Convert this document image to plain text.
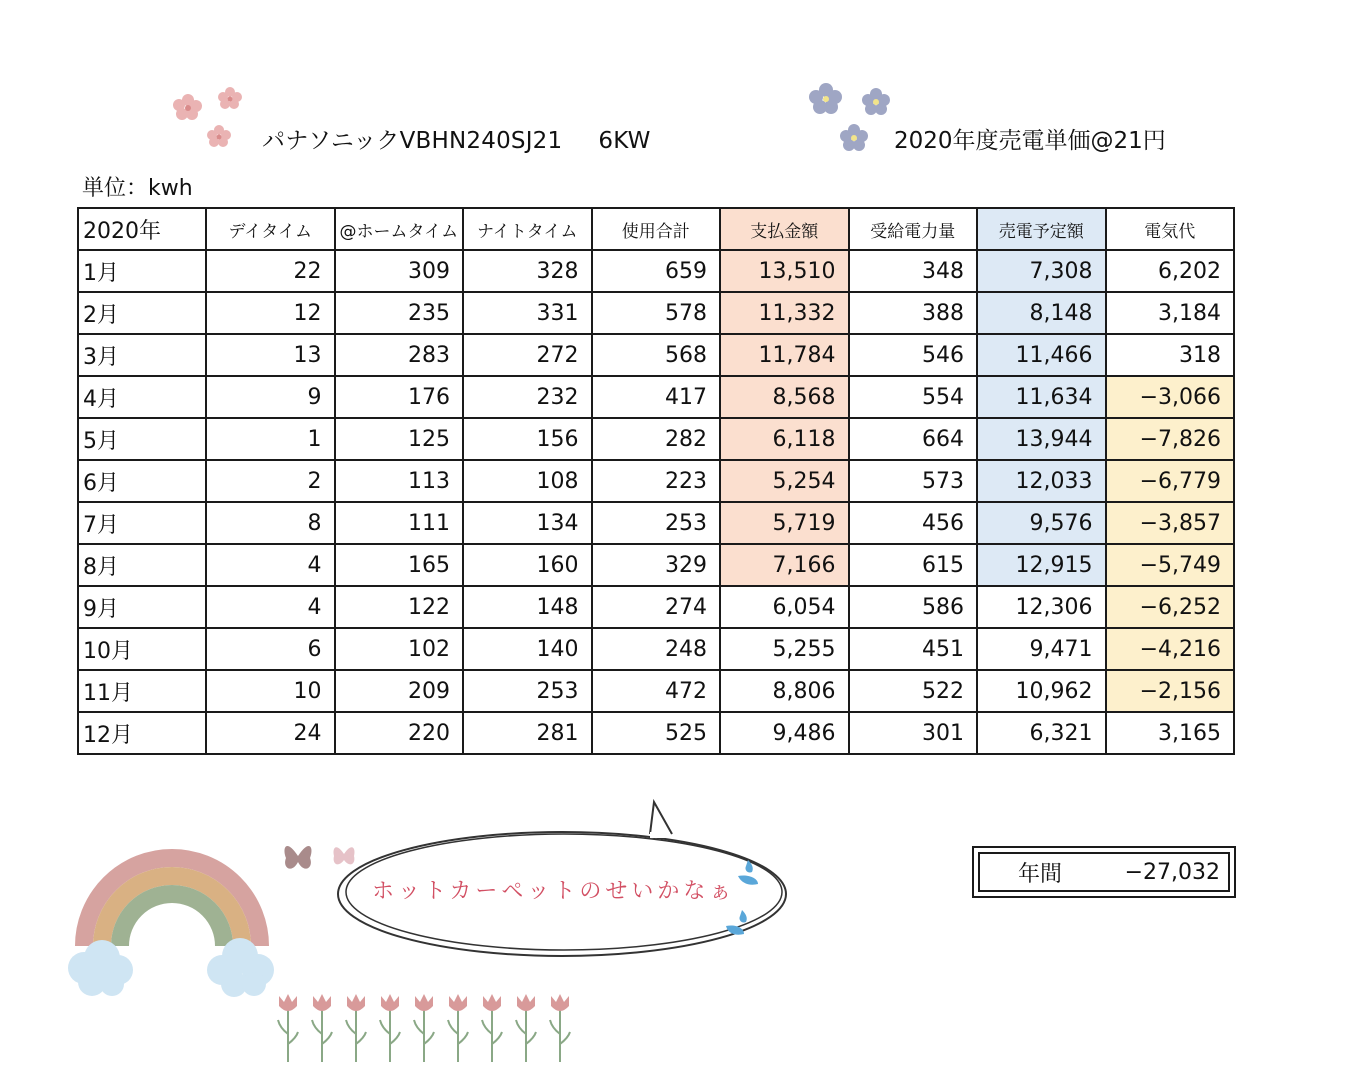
パナソニックVBHN240SJ21 6KW	2020年度売電単価@21円
単位：kwh
2020年	デイタイム	@ホームタイム	ナイトタイム	使用合計	支払金額	受給電力量	売電予定額	電気代
1月	22	309	328	659	13,510	348	7,308	6,202
2月	12	235	331	578	11,332	388	8,148	3,184
3月	13	283	272	568	11,784	546	11,466	318
4月	9	176	232	417	8,568	554	11,634	−3,066
5月	1	125	156	282	6,118	664	13,944	−7,826
6月	2	113	108	223	5,254	573	12,033	−6,779
7月	8	111	134	253	5,719	456	9,576	−3,857
8月	4	165	160	329	7,166	615	12,915	−5,749
9月	4	122	148	274	6,054	586	12,306	−6,252
10月	6	102	140	248	5,255	451	9,471	−4,216
11月	10	209	253	472	8,806	522	10,962	−2,156
12月	24	220	281	525	9,486	301	6,321	3,165
年間	−27,032
ホットカーペットのせいかなぁ
